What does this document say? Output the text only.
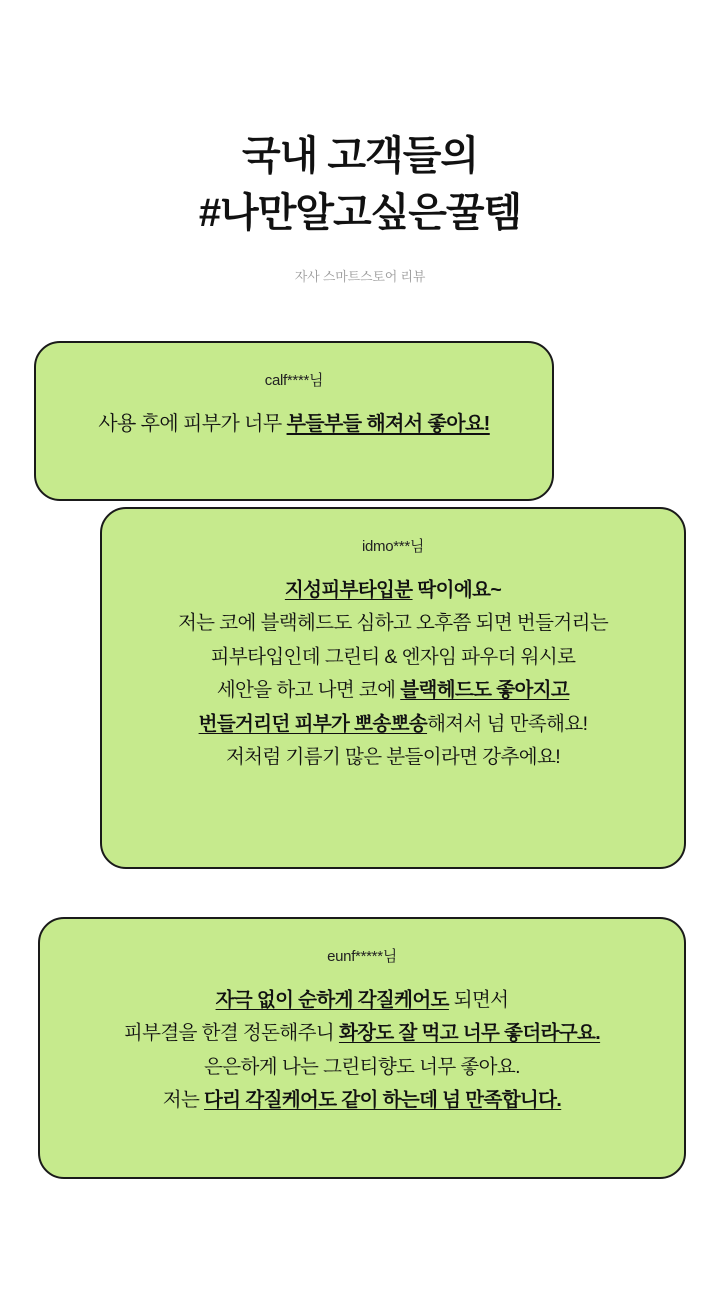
국내 고객들의
#나만알고싶은꿀템
자사 스마트스토어 리뷰
calf****님
사용 후에 피부가 너무 부들부들 해져서 좋아요!
idmo***님
지성피부타입분 딱이에요~
저는 코에 블랙헤드도 심하고 오후쯤 되면 번들거리는
피부타입인데 그린티 & 엔자임 파우더 워시로
세안을 하고 나면 코에 블랙헤드도 좋아지고
번들거리던 피부가 뽀송뽀송해져서 넘 만족해요!
저처럼 기름기 많은 분들이라면 강추에요!
eunf*****님
자극 없이 순하게 각질케어도 되면서
피부결을 한결 정돈해주니 화장도 잘 먹고 너무 좋더라구요.
은은하게 나는 그린티향도 너무 좋아요.
저는 다리 각질케어도 같이 하는데 넘 만족합니다.
